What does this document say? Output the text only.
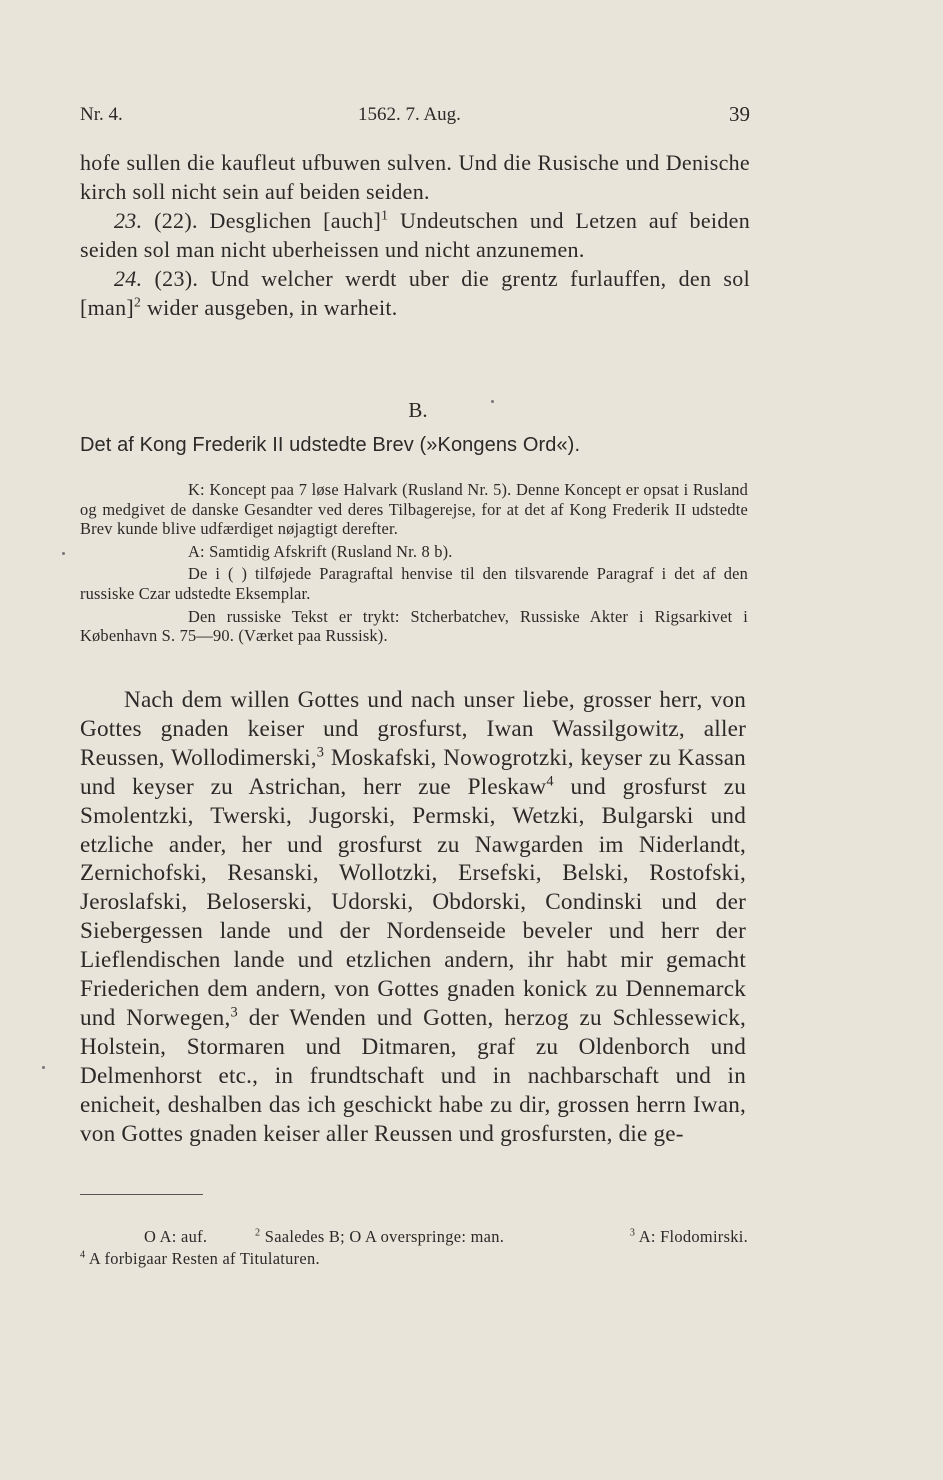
Nr. 4.	1562. 7. Aug.	39

hofe sullen die kaufleut ufbuwen sulven. Und die Rusische und Denische kirch soll nicht sein auf beiden seiden.

23. (22). Desglichen [auch]$^1$ Undeutschen und Letzen auf beiden seiden sol man nicht uberheissen und nicht anzunemen.

24. (23). Und welcher werdt uber die grentz furlauffen, den sol [man]$^2$ wider ausgeben, in warheit.

B.
Det af Kong Frederik II udstedte Brev (»Kongens Ord«).

K: Koncept paa 7 løse Halvark (Rusland Nr. 5). Denne Koncept er opsat i Rusland og medgivet de danske Gesandter ved deres Tilbagerejse, for at det af Kong Frederik II udstedte Brev kunde blive udfærdiget nøjagtigt derefter.

A: Samtidig Afskrift (Rusland Nr. 8 b).

De i ( ) tilføjede Paragraftal henvise til den tilsvarende Paragraf i det af den russiske Czar udstedte Eksemplar.

Den russiske Tekst er trykt: Stcherbatchev, Russiske Akter i Rigsarkivet i København S. 75—90. (Værket paa Russisk).

Nach dem willen Gottes und nach unser liebe, grosser herr, von Gottes gnaden keiser und grosfurst, Iwan Wassilgowitz, aller Reussen, Wollodimerski,$^3$ Moskafski, Nowogrotzki, keyser zu Kassan und keyser zu Astrichan, herr zue Pleskaw$^4$ und grosfurst zu Smolentzki, Twerski, Jugorski, Permski, Wetzki, Bulgarski und etzliche ander, her und grosfurst zu Nawgarden im Niderlandt, Zernichofski, Resanski, Wollotzki, Ersefski, Belski, Rostofski, Jeroslafski, Beloserski, Udorski, Obdorski, Condinski und der Siebergessen lande und der Nordenseide beveler und herr der Lieflendischen lande und etzlichen andern, ihr habt mir gemacht Friederichen dem andern, von Gottes gnaden konick zu Dennemarck und Norwegen,$^3$ der Wenden und Gotten, herzog zu Schlessewick, Holstein, Stormaren und Ditmaren, graf zu Oldenborch und Delmenhorst etc., in frundtschaft und in nachbarschaft und in enicheit, deshalben das ich geschickt habe zu dir, grossen herrn Iwan, von Gottes gnaden keiser aller Reussen und grosfursten, die ge-

O A: auf.	$^2$ Saaledes B; O A overspringe: man.	$^3$ A: Flodomirski.
$^4$ A forbigaar Resten af Titulaturen.
